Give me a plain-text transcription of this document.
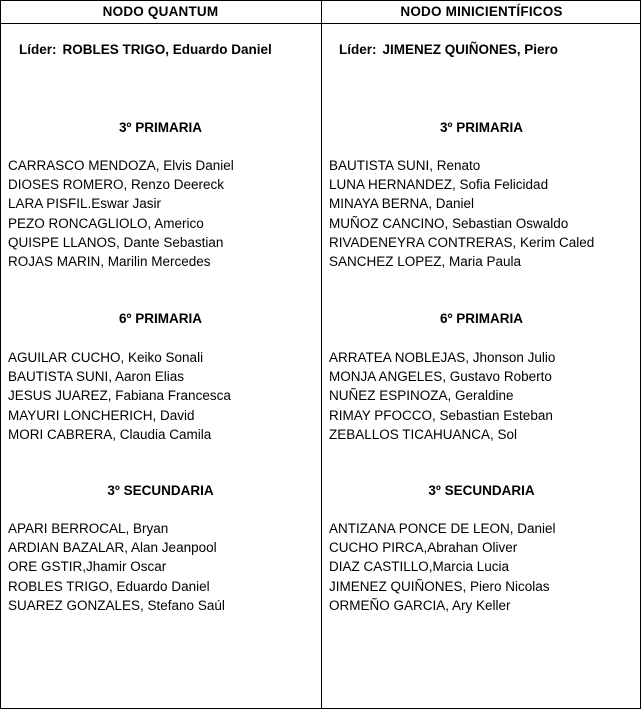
NODO QUANTUM	NODO MINICIENTÍFICOS
Líder: ROBLES TRIGO, Eduardo Daniel
3º PRIMARIA
CARRASCO MENDOZA, Elvis Daniel
DIOSES ROMERO, Renzo Deereck
LARA PISFIL.Eswar Jasir
PEZO RONCAGLIOLO, Americo
QUISPE LLANOS, Dante Sebastian
ROJAS MARIN, Marilin Mercedes
6º PRIMARIA
AGUILAR CUCHO, Keiko Sonali
BAUTISTA SUNI, Aaron Elias
JESUS JUAREZ, Fabiana Francesca
MAYURI LONCHERICH, David
MORI CABRERA, Claudia Camila
3º SECUNDARIA
APARI BERROCAL, Bryan
ARDIAN BAZALAR, Alan Jeanpool
ORE GSTIR,Jhamir Oscar
ROBLES TRIGO, Eduardo Daniel
SUAREZ GONZALES, Stefano Saúl
Líder: JIMENEZ QUIÑONES, Piero
3º PRIMARIA
BAUTISTA SUNI, Renato
LUNA HERNANDEZ, Sofia Felicidad
MINAYA BERNA, Daniel
MUÑOZ CANCINO, Sebastian Oswaldo
RIVADENEYRA CONTRERAS, Kerim Caled
SANCHEZ LOPEZ, Maria Paula
6º PRIMARIA
ARRATEA NOBLEJAS, Jhonson Julio
MONJA ANGELES, Gustavo Roberto
NUÑEZ ESPINOZA, Geraldine
RIMAY PFOCCO, Sebastian Esteban
ZEBALLOS TICAHUANCA, Sol
3º SECUNDARIA
ANTIZANA PONCE DE LEON, Daniel
CUCHO PIRCA,Abrahan Oliver
DIAZ CASTILLO,Marcia Lucia
JIMENEZ QUIÑONES, Piero Nicolas
ORMEÑO GARCIA, Ary Keller
